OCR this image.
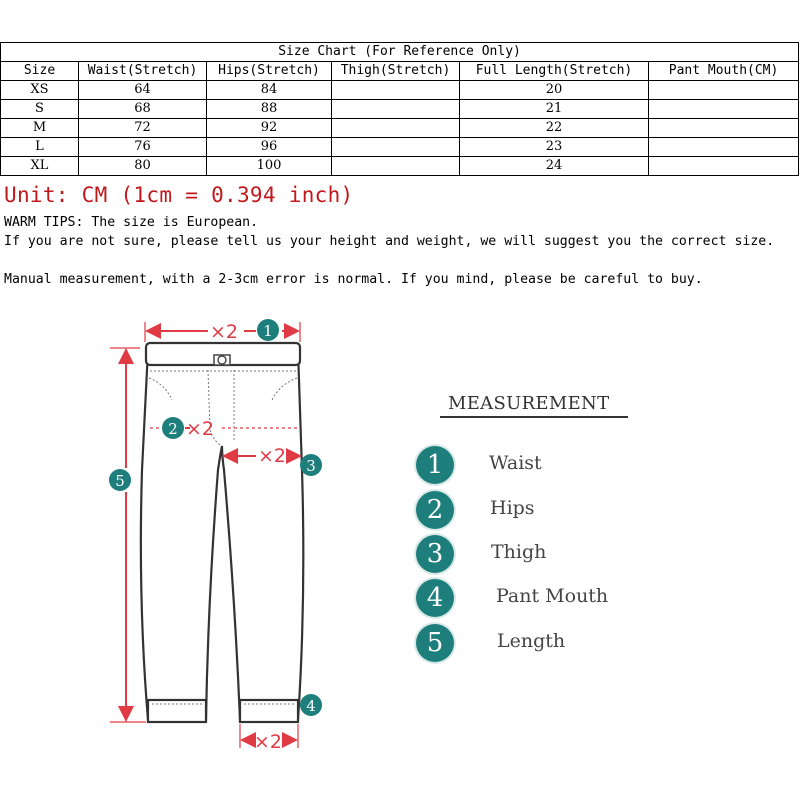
Size Chart (For Reference Only)					
Size	Waist(Stretch)	Hips(Stretch)	Thigh(Stretch)	Full Length(Stretch)	Pant Mouth(CM)
XS	64	84		20	
S	68	88		21	
M	72	92		22	
L	76	96		23	
XL	80	100		24	
Unit: CM (1cm = 0.394 inch)
WARM TIPS: The size is European.
If you are not sure, please tell us your height and weight, we will suggest you the correct size.
Manual measurement, with a 2-3cm error is normal. If you mind, please be careful to buy.
×2
×2
×2
×2
1
2
3
4
5
MEASUREMENT
1	Waist
2	Hips
3	Thigh
4	Pant Mouth
5	Length
